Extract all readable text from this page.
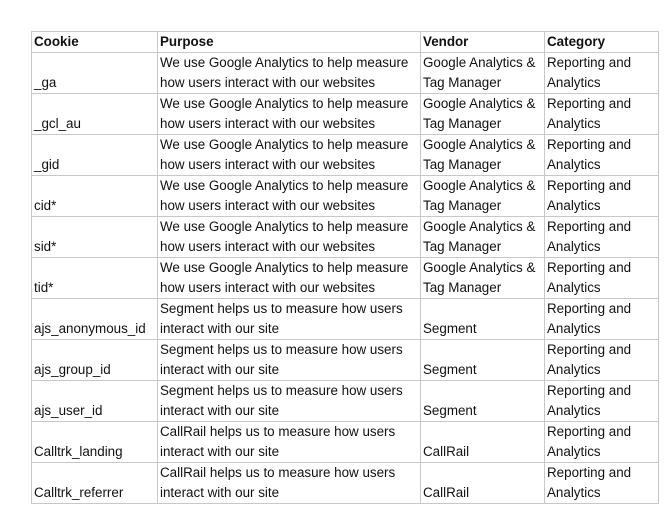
Cookie	Purpose	Vendor	Category
_ga	We use Google Analytics to help measure
how users interact with our websites	Google Analytics &
Tag Manager	Reporting and
Analytics

_gcl_au	We use Google Analytics to help measure
how users interact with our websites	Google Analytics &
Tag Manager	Reporting and
Analytics

_gid	We use Google Analytics to help measure
how users interact with our websites	Google Analytics &
Tag Manager	Reporting and
Analytics

cid*	We use Google Analytics to help measure
how users interact with our websites	Google Analytics &
Tag Manager	Reporting and
Analytics

sid*	We use Google Analytics to help measure
how users interact with our websites	Google Analytics &
Tag Manager	Reporting and
Analytics

tid*	We use Google Analytics to help measure
how users interact with our websites	Google Analytics &
Tag Manager	Reporting and
Analytics

ajs_anonymous_id	Segment helps us to measure how users
interact with our site	Segment	Reporting and
Analytics

ajs_group_id	Segment helps us to measure how users
interact with our site	Segment	Reporting and
Analytics

ajs_user_id	Segment helps us to measure how users
interact with our site	Segment	Reporting and
Analytics

Calltrk_landing	CallRail helps us to measure how users
interact with our site	CallRail	Reporting and
Analytics

Calltrk_referrer	CallRail helps us to measure how users
interact with our site	CallRail	Reporting and
Analytics
